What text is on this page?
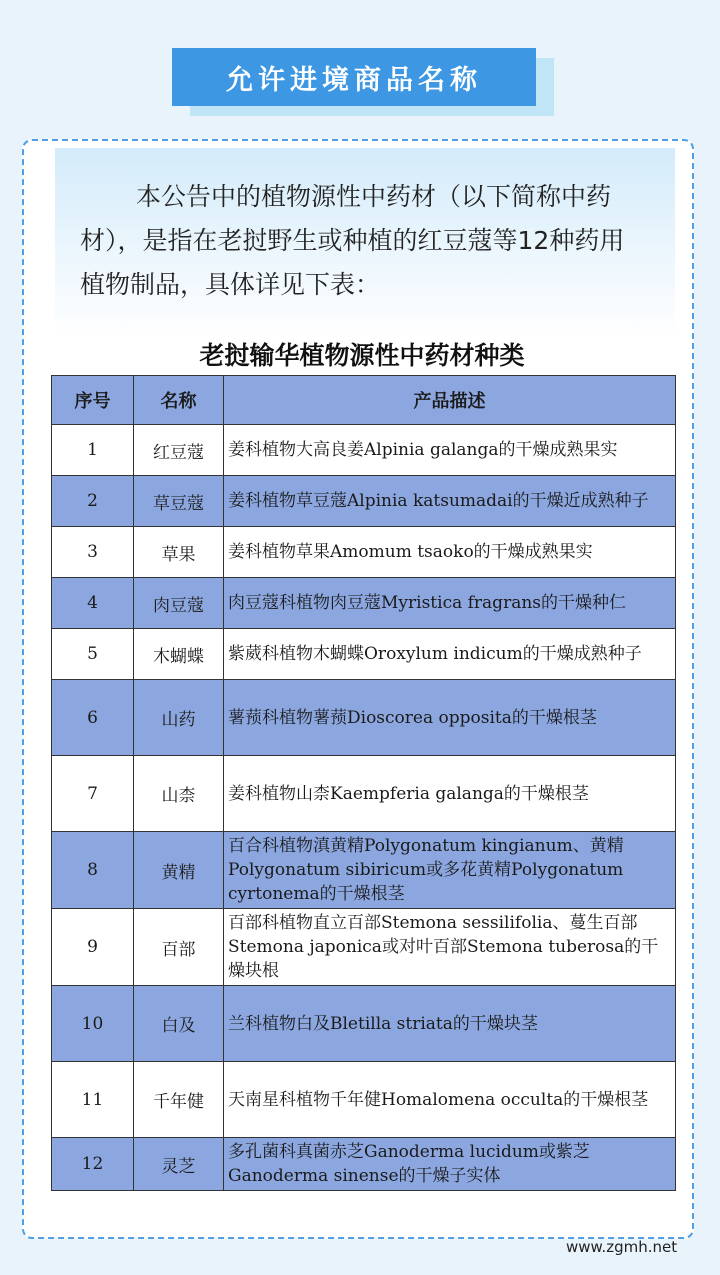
允许进境商品名称
本公告中的植物源性中药材（以下简称中药材），是指在老挝野生或种植的红豆蔻等12种药用植物制品，具体详见下表：
老挝输华植物源性中药材种类
序号	名称	产品描述
1	红豆蔻	姜科植物大高良姜Alpinia galanga的干燥成熟果实
2	草豆蔻	姜科植物草豆蔻Alpinia katsumadai的干燥近成熟种子
3	草果	姜科植物草果Amomum tsaoko的干燥成熟果实
4	肉豆蔻	肉豆蔻科植物肉豆蔻Myristica fragrans的干燥种仁
5	木蝴蝶	紫葳科植物木蝴蝶Oroxylum indicum的干燥成熟种子
6	山药	薯蓣科植物薯蓣Dioscorea opposita的干燥根茎
7	山柰	姜科植物山柰Kaempferia galanga的干燥根茎
8	黄精	百合科植物滇黄精Polygonatum kingianum、黄精Polygonatum sibiricum或多花黄精Polygonatum cyrtonema的干燥根茎
9	百部	百部科植物直立百部Stemona sessilifolia、蔓生百部Stemona japonica或对叶百部Stemona tuberosa的干燥块根
10	白及	兰科植物白及Bletilla striata的干燥块茎
11	千年健	天南星科植物千年健Homalomena occulta的干燥根茎
12	灵芝	多孔菌科真菌赤芝Ganoderma lucidum或紫芝Ganoderma sinense的干燥子实体
www.zgmh.net
